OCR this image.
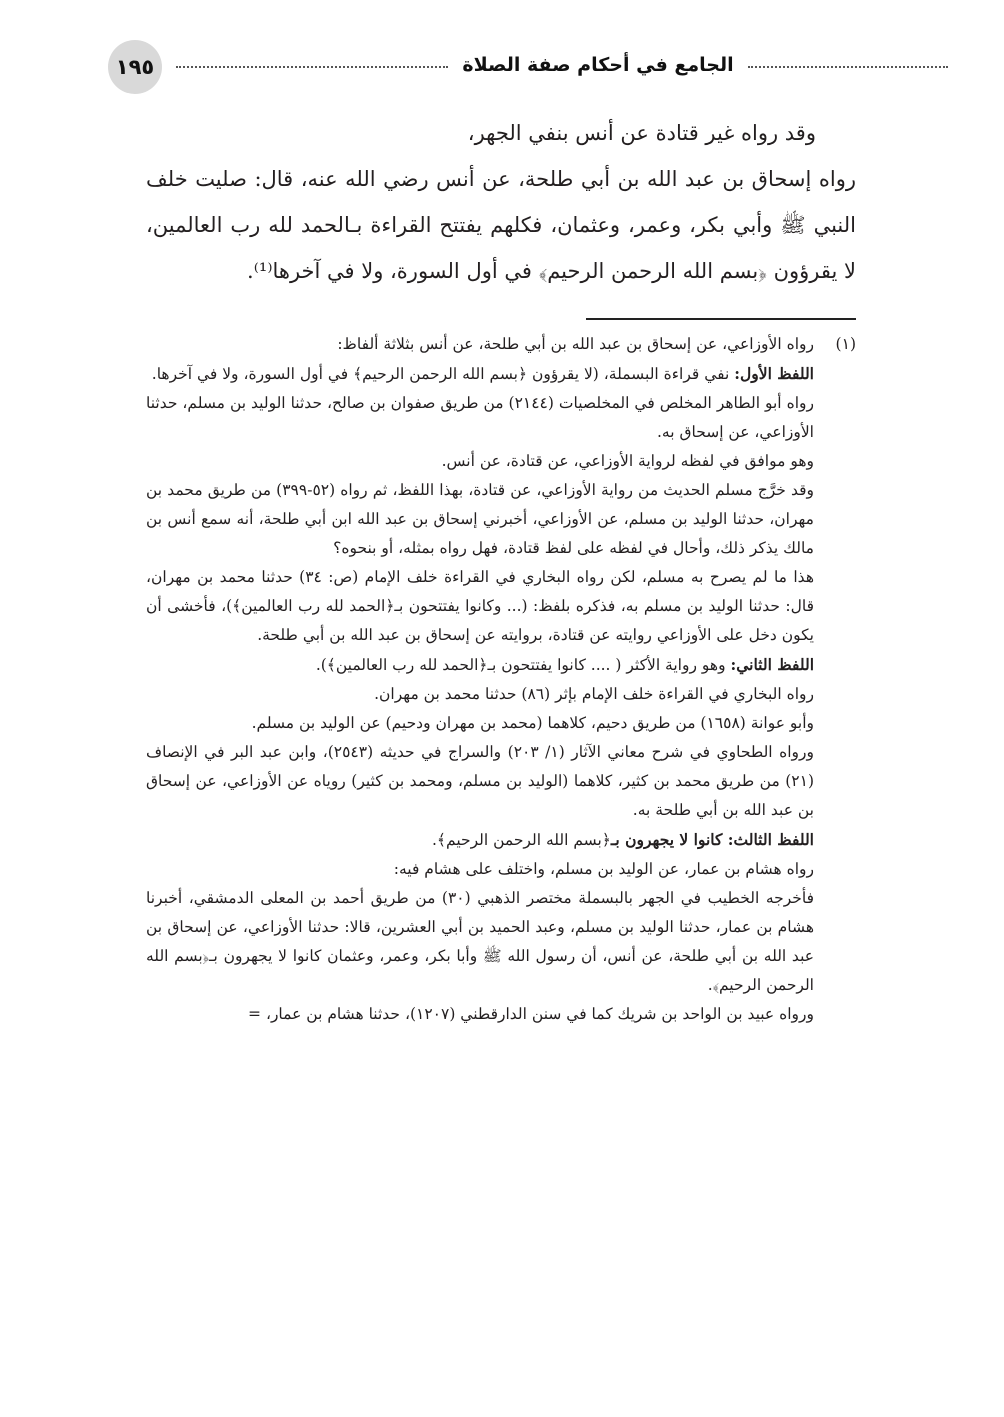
١٩٥	الجامع في أحكام صفة الصلاة

وقد رواه غير قتادة عن أنس بنفي الجهر،

رواه إسحاق بن عبد الله بن أبي طلحة، عن أنس رضي الله عنه، قال: صليت خلف النبي ﷺ وأبي بكر، وعمر، وعثمان، فكلهم يفتتح القراءة بـالحمد لله رب العالمين، لا يقرؤون ﴿بسم الله الرحمن الرحيم﴾ في أول السورة، ولا في آخرها⁽¹⁾.

(١)رواه الأوزاعي، عن إسحاق بن عبد الله بن أبي طلحة، عن أنس بثلاثة ألفاظ:

اللفظ الأول: نفي قراءة البسملة، (لا يقرؤون ﴿بسم الله الرحمن الرحيم﴾ في أول السورة، ولا في آخرها.

رواه أبو الطاهر المخلص في المخلصيات (٢١٤٤) من طريق صفوان بن صالح، حدثنا الوليد بن مسلم، حدثنا الأوزاعي، عن إسحاق به.

وهو موافق في لفظه لرواية الأوزاعي، عن قتادة، عن أنس.

وقد خرَّج مسلم الحديث من رواية الأوزاعي، عن قتادة، بهذا اللفظ، ثم رواه (٥٢-٣٩٩) من طريق محمد بن مهران، حدثنا الوليد بن مسلم، عن الأوزاعي، أخبرني إسحاق بن عبد الله ابن أبي طلحة، أنه سمع أنس بن مالك يذكر ذلك، وأحال في لفظه على لفظ قتادة، فهل رواه بمثله، أو بنحوه؟

هذا ما لم يصرح به مسلم، لكن رواه البخاري في القراءة خلف الإمام (ص: ٣٤) حدثنا محمد بن مهران، قال: حدثنا الوليد بن مسلم به، فذكره بلفظ: (... وكانوا يفتتحون بـ﴿الحمد لله رب العالمين﴾)، فأخشى أن يكون دخل على الأوزاعي روايته عن قتادة، بروايته عن إسحاق بن عبد الله بن أبي طلحة.

اللفظ الثاني: وهو رواية الأكثر ( .... كانوا يفتتحون بـ﴿الحمد لله رب العالمين﴾).

رواه البخاري في القراءة خلف الإمام بإثر (٨٦) حدثنا محمد بن مهران.

وأبو عوانة (١٦٥٨) من طريق دحيم، كلاهما (محمد بن مهران ودحيم) عن الوليد بن مسلم.

ورواه الطحاوي في شرح معاني الآثار (١/ ٢٠٣) والسراج في حديثه (٢٥٤٣)، وابن عبد البر في الإنصاف (٢١) من طريق محمد بن كثير، كلاهما (الوليد بن مسلم، ومحمد بن كثير) روياه عن الأوزاعي، عن إسحاق بن عبد الله بن أبي طلحة به.

اللفظ الثالث: كانوا لا يجهرون بـ﴿بسم الله الرحمن الرحيم﴾.

رواه هشام بن عمار، عن الوليد بن مسلم، واختلف على هشام فيه:

فأخرجه الخطيب في الجهر بالبسملة مختصر الذهبي (٣٠) من طريق أحمد بن المعلى الدمشقي، أخبرنا هشام بن عمار، حدثنا الوليد بن مسلم، وعبد الحميد بن أبي العشرين، قالا: حدثنا الأوزاعي، عن إسحاق بن عبد الله بن أبي طلحة، عن أنس، أن رسول الله ﷺ وأبا بكر، وعمر، وعثمان كانوا لا يجهرون بـ﴿بسم الله الرحمن الرحيم﴾.

ورواه عبيد بن الواحد بن شريك كما في سنن الدارقطني (١٢٠٧)، حدثنا هشام بن عمار، =
